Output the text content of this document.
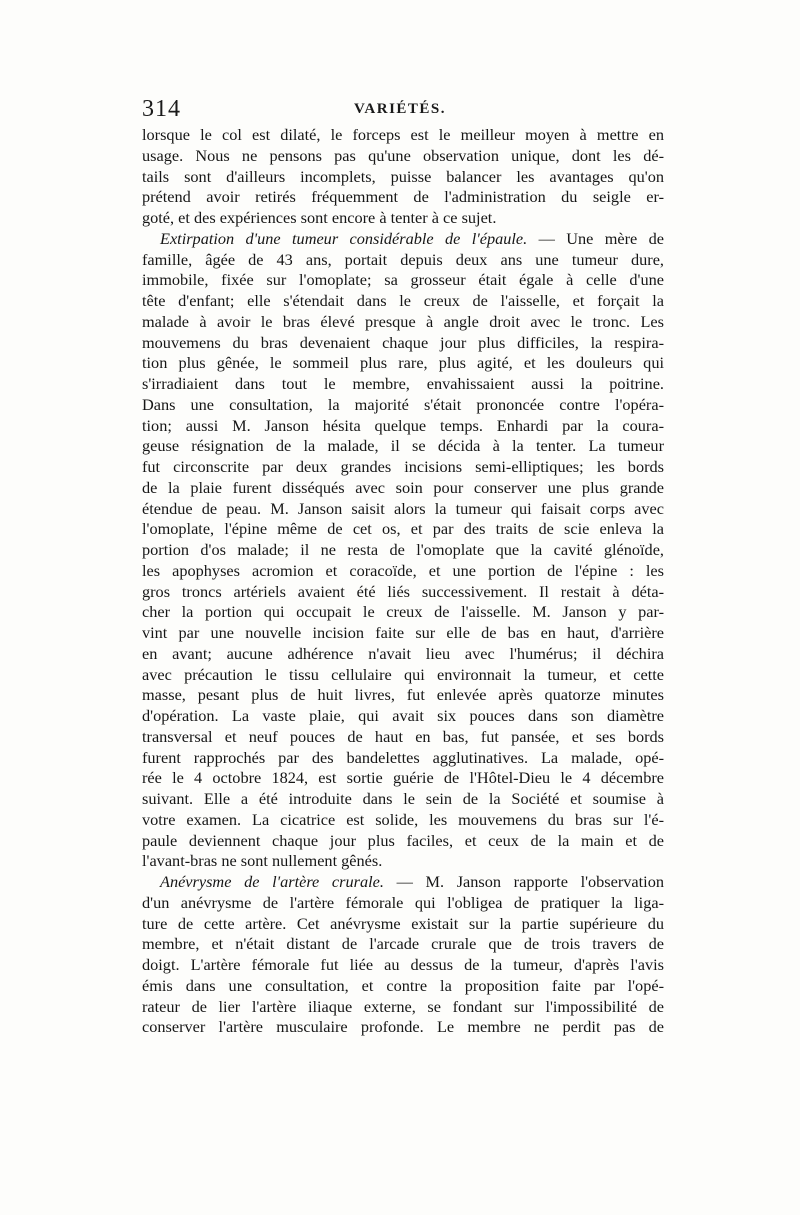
314	VARIÉTÉS.
lorsque le col est dilaté, le forceps est le meilleur moyen à mettre en
usage. Nous ne pensons pas qu'une observation unique, dont les dé-
tails sont d'ailleurs incomplets, puisse balancer les avantages qu'on
prétend avoir retirés fréquemment de l'administration du seigle er-
goté, et des expériences sont encore à tenter à ce sujet.
Extirpation d'une tumeur considérable de l'épaule. — Une mère de
famille, âgée de 43 ans, portait depuis deux ans une tumeur dure,
immobile, fixée sur l'omoplate; sa grosseur était égale à celle d'une
tête d'enfant; elle s'étendait dans le creux de l'aisselle, et forçait la
malade à avoir le bras élevé presque à angle droit avec le tronc. Les
mouvemens du bras devenaient chaque jour plus difficiles, la respira-
tion plus gênée, le sommeil plus rare, plus agité, et les douleurs qui
s'irradiaient dans tout le membre, envahissaient aussi la poitrine.
Dans une consultation, la majorité s'était prononcée contre l'opéra-
tion; aussi M. Janson hésita quelque temps. Enhardi par la coura-
geuse résignation de la malade, il se décida à la tenter. La tumeur
fut circonscrite par deux grandes incisions semi-elliptiques; les bords
de la plaie furent disséqués avec soin pour conserver une plus grande
étendue de peau. M. Janson saisit alors la tumeur qui faisait corps avec
l'omoplate, l'épine même de cet os, et par des traits de scie enleva la
portion d'os malade; il ne resta de l'omoplate que la cavité glénoïde,
les apophyses acromion et coracoïde, et une portion de l'épine : les
gros troncs artériels avaient été liés successivement. Il restait à déta-
cher la portion qui occupait le creux de l'aisselle. M. Janson y par-
vint par une nouvelle incision faite sur elle de bas en haut, d'arrière
en avant; aucune adhérence n'avait lieu avec l'humérus; il déchira
avec précaution le tissu cellulaire qui environnait la tumeur, et cette
masse, pesant plus de huit livres, fut enlevée après quatorze minutes
d'opération. La vaste plaie, qui avait six pouces dans son diamètre
transversal et neuf pouces de haut en bas, fut pansée, et ses bords
furent rapprochés par des bandelettes agglutinatives. La malade, opé-
rée le 4 octobre 1824, est sortie guérie de l'Hôtel-Dieu le 4 décembre
suivant. Elle a été introduite dans le sein de la Société et soumise à
votre examen. La cicatrice est solide, les mouvemens du bras sur l'é-
paule deviennent chaque jour plus faciles, et ceux de la main et de
l'avant-bras ne sont nullement gênés.
Anévrysme de l'artère crurale. — M. Janson rapporte l'observation
d'un anévrysme de l'artère fémorale qui l'obligea de pratiquer la liga-
ture de cette artère. Cet anévrysme existait sur la partie supérieure du
membre, et n'était distant de l'arcade crurale que de trois travers de
doigt. L'artère fémorale fut liée au dessus de la tumeur, d'après l'avis
émis dans une consultation, et contre la proposition faite par l'opé-
rateur de lier l'artère iliaque externe, se fondant sur l'impossibilité de
conserver l'artère musculaire profonde. Le membre ne perdit pas de
